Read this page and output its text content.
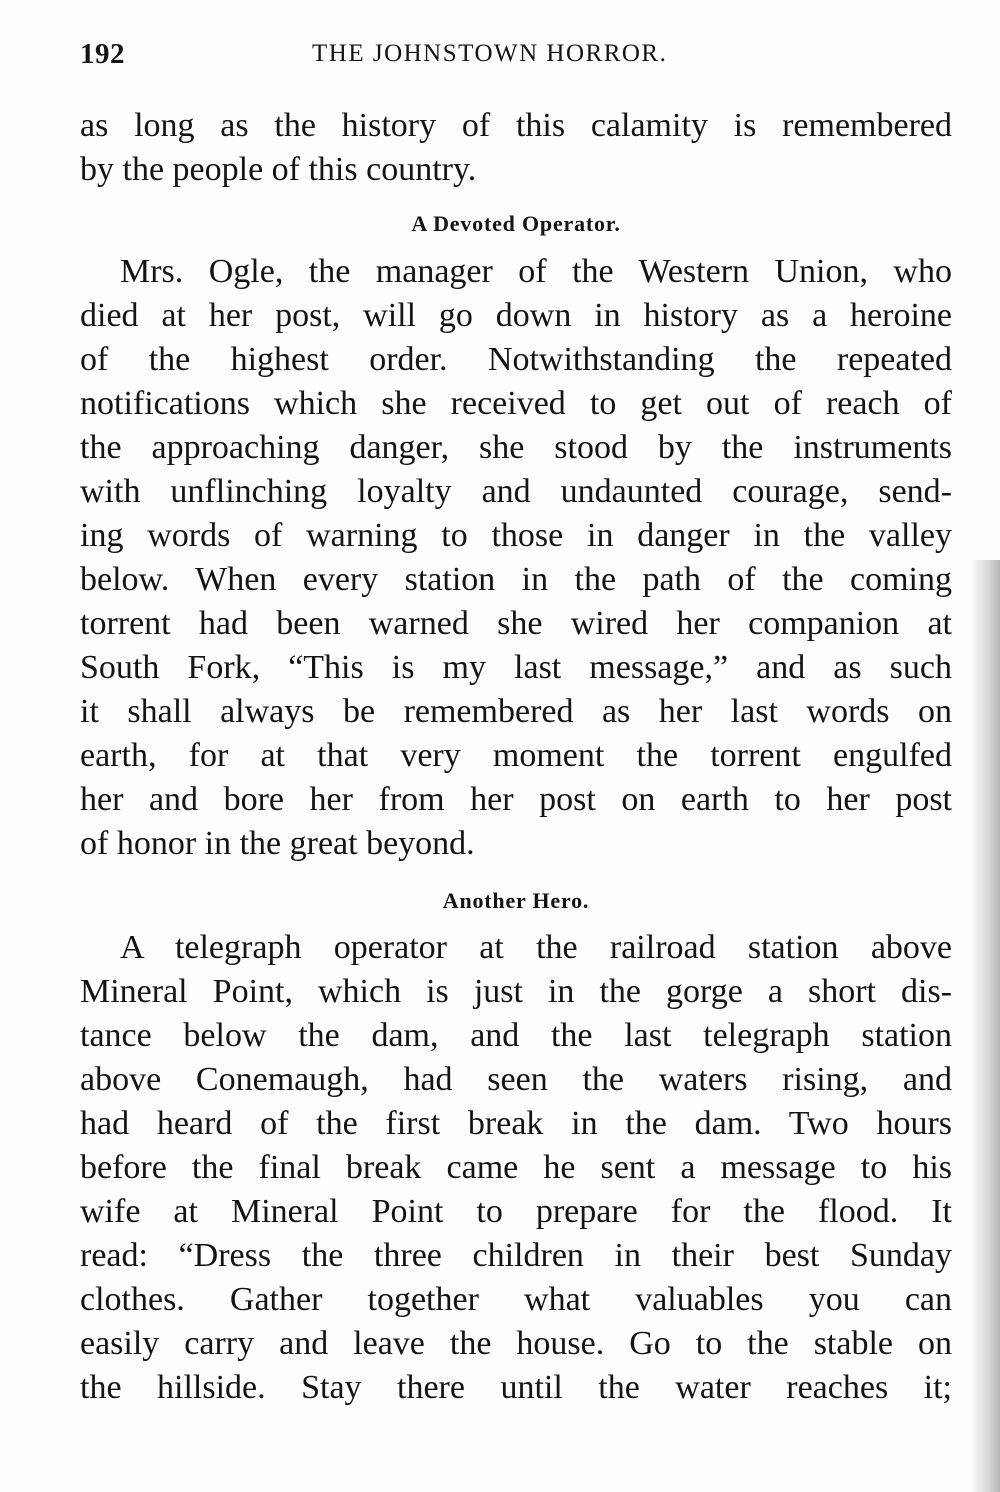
192	THE JOHNSTOWN HORROR.
as long as the history of this calamity is remembered
by the people of this country.
A Devoted Operator.
Mrs. Ogle, the manager of the Western Union, who
died at her post, will go down in history as a heroine
of the highest order. Notwithstanding the repeated
notifications which she received to get out of reach of
the approaching danger, she stood by the instruments
with unflinching loyalty and undaunted courage, send-
ing words of warning to those in danger in the valley
below. When every station in the path of the coming
torrent had been warned she wired her companion at
South Fork, “This is my last message,” and as such
it shall always be remembered as her last words on
earth, for at that very moment the torrent engulfed
her and bore her from her post on earth to her post
of honor in the great beyond.
Another Hero.
A telegraph operator at the railroad station above
Mineral Point, which is just in the gorge a short dis-
tance below the dam, and the last telegraph station
above Conemaugh, had seen the waters rising, and
had heard of the first break in the dam. Two hours
before the final break came he sent a message to his
wife at Mineral Point to prepare for the flood. It
read: “Dress the three children in their best Sunday
clothes. Gather together what valuables you can
easily carry and leave the house. Go to the stable on
the hillside. Stay there until the water reaches it;
